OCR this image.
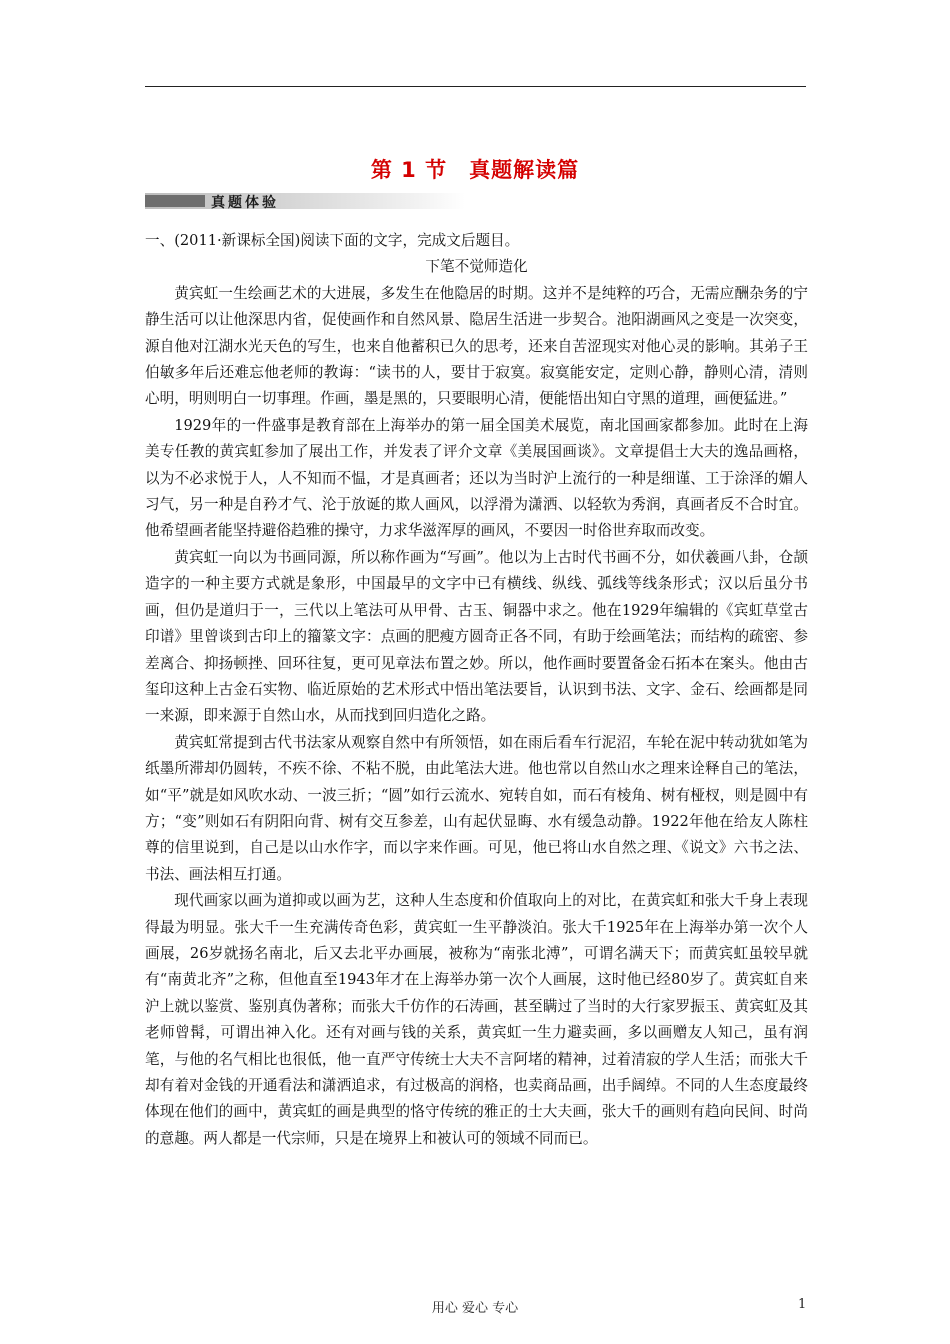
第 1 节　真题解读篇
真题体验

一、(2011·新课标全国)阅读下面的文字，完成文后题目。

下笔不觉师造化

黄宾虹一生绘画艺术的大进展，多发生在他隐居的时期。这并不是纯粹的巧合，无需应酬杂务的宁静生活可以让他深思内省，促使画作和自然风景、隐居生活进一步契合。池阳湖画风之变是一次突变，源自他对江湖水光天色的写生，也来自他蓄积已久的思考，还来自苦涩现实对他心灵的影响。其弟子王伯敏多年后还难忘他老师的教诲：“读书的人，要甘于寂寞。寂寞能安定，定则心静，静则心清，清则心明，明则明白一切事理。作画，墨是黑的，只要眼明心清，便能悟出知白守黑的道理，画便猛进。”

1929年的一件盛事是教育部在上海举办的第一届全国美术展览，南北国画家都参加。此时在上海美专任教的黄宾虹参加了展出工作，并发表了评介文章《美展国画谈》。文章提倡士大夫的逸品画格，以为不必求悦于人，人不知而不愠，才是真画者；还以为当时沪上流行的一种是细谨、工于涂泽的媚人习气，另一种是自矜才气、沦于放诞的欺人画风，以浮滑为潇洒、以轻软为秀润，真画者反不合时宜。他希望画者能坚持避俗趋雅的操守，力求华滋浑厚的画风，不要因一时俗世弃取而改变。

黄宾虹一向以为书画同源，所以称作画为“写画”。他以为上古时代书画不分，如伏羲画八卦，仓颉造字的一种主要方式就是象形，中国最早的文字中已有横线、纵线、弧线等线条形式；汉以后虽分书画，但仍是道归于一，三代以上笔法可从甲骨、古玉、铜器中求之。他在1929年编辑的《宾虹草堂古印谱》里曾谈到古印上的籀篆文字：点画的肥瘦方圆奇正各不同，有助于绘画笔法；而结构的疏密、参差离合、抑扬顿挫、回环往复，更可见章法布置之妙。所以，他作画时要置备金石拓本在案头。他由古玺印这种上古金石实物、临近原始的艺术形式中悟出笔法要旨，认识到书法、文字、金石、绘画都是同一来源，即来源于自然山水，从而找到回归造化之路。

黄宾虹常提到古代书法家从观察自然中有所领悟，如在雨后看车行泥沼，车轮在泥中转动犹如笔为纸墨所滞却仍圆转，不疾不徐、不粘不脱，由此笔法大进。他也常以自然山水之理来诠释自己的笔法，如“平”就是如风吹水动、一波三折；“圆”如行云流水、宛转自如，而石有棱角、树有桠杈，则是圆中有方；“变”则如石有阴阳向背、树有交互参差，山有起伏显晦、水有缓急动静。1922年他在给友人陈柱尊的信里说到，自己是以山水作字，而以字来作画。可见，他已将山水自然之理、《说文》六书之法、书法、画法相互打通。

现代画家以画为道抑或以画为艺，这种人生态度和价值取向上的对比，在黄宾虹和张大千身上表现得最为明显。张大千一生充满传奇色彩，黄宾虹一生平静淡泊。张大千1925年在上海举办第一次个人画展，26岁就扬名南北，后又去北平办画展，被称为“南张北溥”，可谓名满天下；而黄宾虹虽较早就有“南黄北齐”之称，但他直至1943年才在上海举办第一次个人画展，这时他已经80岁了。黄宾虹自来沪上就以鉴赏、鉴别真伪著称；而张大千仿作的石涛画，甚至瞒过了当时的大行家罗振玉、黄宾虹及其老师曾髯，可谓出神入化。还有对画与钱的关系，黄宾虹一生力避卖画，多以画赠友人知己，虽有润笔，与他的名气相比也很低，他一直严守传统士大夫不言阿堵的精神，过着清寂的学人生活；而张大千却有着对金钱的开通看法和潇洒追求，有过极高的润格，也卖商品画，出手阔绰。不同的人生态度最终体现在他们的画中，黄宾虹的画是典型的恪守传统的雅正的士大夫画，张大千的画则有趋向民间、时尚的意趣。两人都是一代宗师，只是在境界上和被认可的领域不同而已。

用心 爱心 专心	1
